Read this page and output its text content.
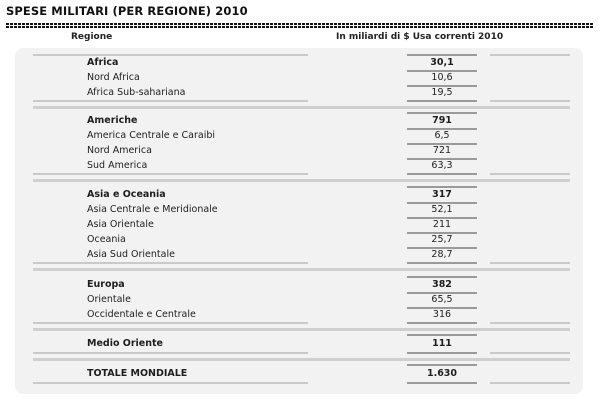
SPESE MILITARI (PER REGIONE) 2010
Regione	In miliardi di $ Usa correnti 2010
Africa	30,1
Nord Africa	10,6
Africa Sub-sahariana	19,5
Americhe	791
America Centrale e Caraibi	6,5
Nord America	721
Sud America	63,3
Asia e Oceania	317
Asia Centrale e Meridionale	52,1
Asia Orientale	211
Oceania	25,7
Asia Sud Orientale	28,7
Europa	382
Orientale	65,5
Occidentale e Centrale	316
Medio Oriente	111
TOTALE MONDIALE	1.630
